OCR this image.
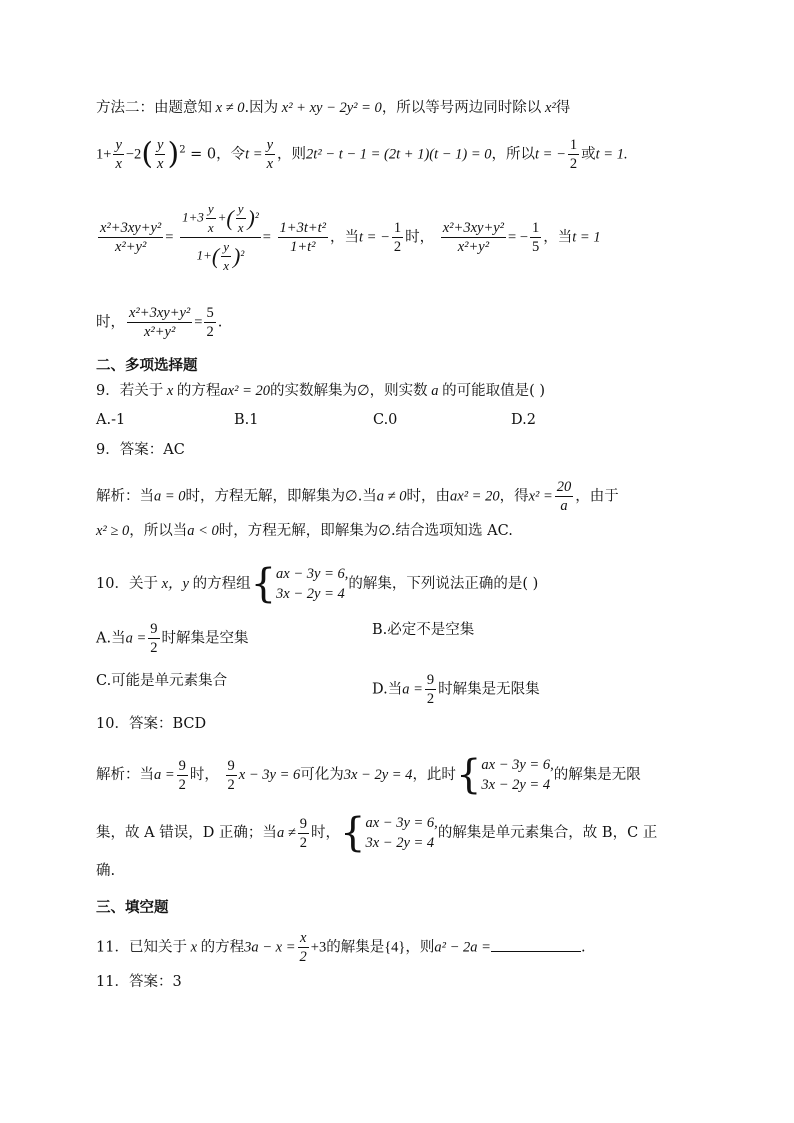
方法二：由题意知 x ≠ 0.因为 x² + xy − 2y² = 0，所以等号两边同时除以 x²得
$1+ \frac{y}{x} -2( \frac{y}{x} )^2 = 0$，令$t = \frac{y}{x}$ ，则2t² − t − 1 = (2t + 1)(t − 1) = 0，所以t = − $\frac{1}{2}$ 或t = 1.
$\frac{\text{x²+3xy+y²}}{\text{x²+y²}} = \frac{1+3 \frac{y}{x} +( \frac{y}{x} )^2}{1+( \frac{y}{x} )^2} = \frac{\text{1+3t+t²}}{\text{1+t²}}$ ，当t = − $\frac{1}{2}$ 时， $\frac{\text{x²+3xy+y²}}{\text{x²+y²}}$ = − $\frac{1}{5}$ ，当t = 1
时， $\frac{\text{x²+3xy+y²}}{\text{x²+y²}} = \frac{5}{2}$ .
二、多项选择题
9．若关于 x 的方程ax² = 20的实数解集为∅，则实数 a 的可能取值是( )
A.-1	B.1	C.0	D.2
9．答案：AC
解析：当a = 0时，方程无解，即解集为∅.当a ≠ 0时，由ax² = 20，得$x^2 = \frac{20}{a}$ ，由于
x² ≥ 0，所以当a < 0时，方程无解，即解集为∅.结合选项知选 AC.
10．关于 x，y 的方程组{ax − 3y = 6,
3x − 2y = 4的解集，下列说法正确的是( )
A.当$a = \frac{9}{2}$ 时解集是空集
B.必定不是空集
C.可能是单元素集合
D.当$a = \frac{9}{2}$ 时解集是无限集
10．答案：BCD
解析：当$a = \frac{9}{2}$ 时， $\frac{9}{2}$ x − 3y = 6可化为3x − 2y = 4，此时{ax − 3y = 6,
3x − 2y = 4的解集是无限
集，故 A 错误，D 正确；当$a \ne \frac{9}{2}$ 时，{ax − 3y = 6,
3x − 2y = 4的解集是单元素集合，故 B，C 正
确.
三、填空题
11．已知关于 x 的方程$3a - x = \frac{x}{2} +3$的解集是{4}，则a² − 2a =	.
11．答案：3
